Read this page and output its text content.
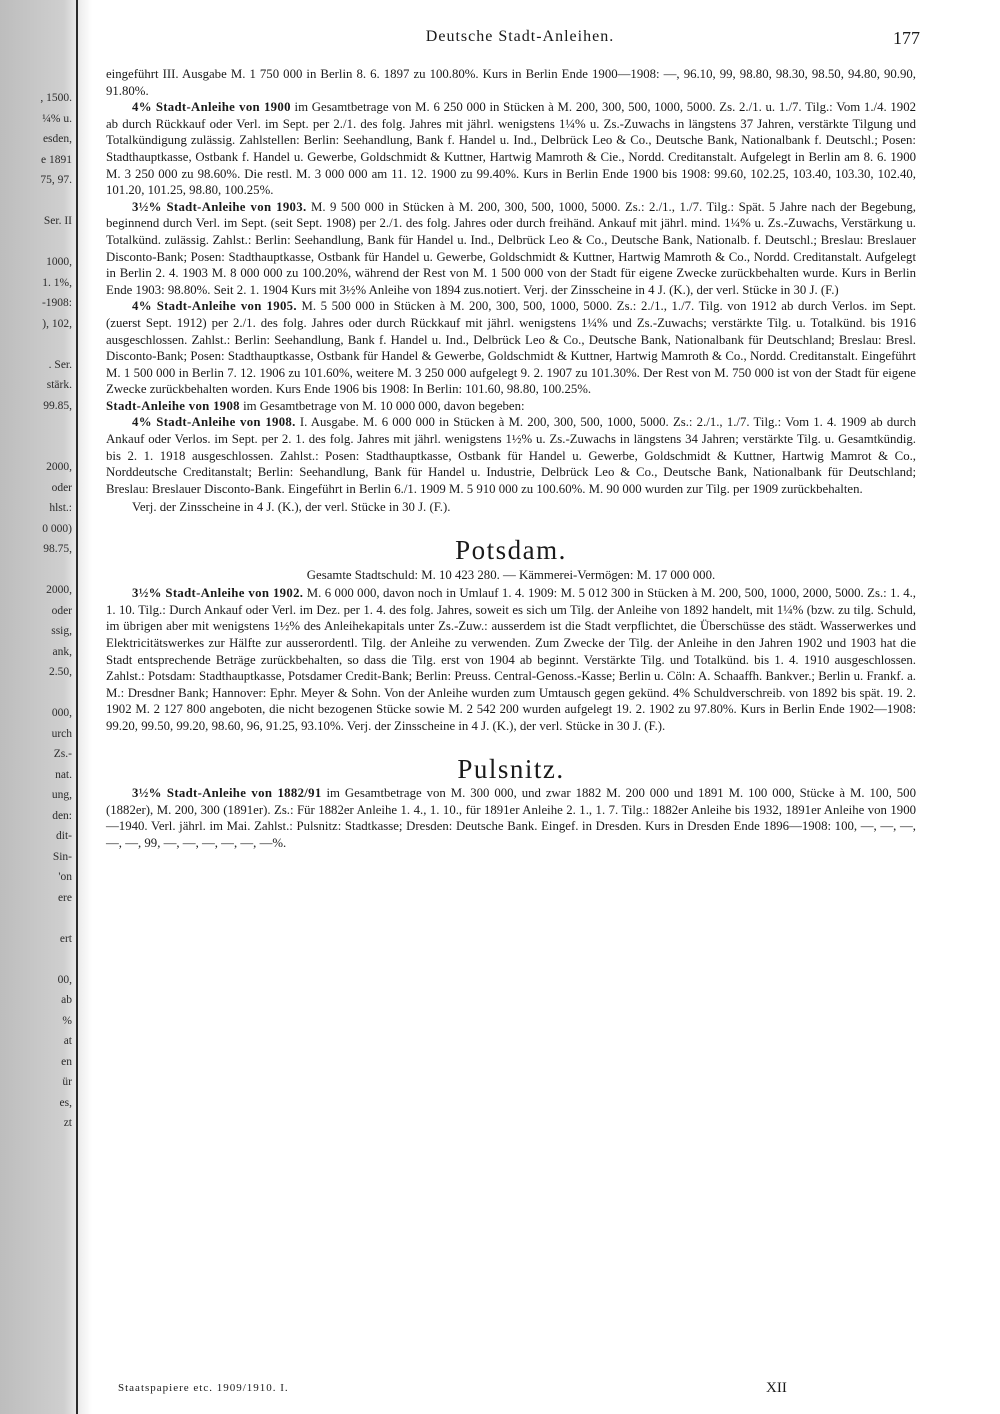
, 1500.
¼% u.
esden,
e 1891
75, 97.

Ser. II

1000,
1. 1%,
-1908:
), 102,

. Ser.
stärk.
99.85,

2000,
oder
hlst.:
0 000)
98.75,

2000,
oder
ssig,
ank,
2.50,

000,
urch
Zs.-
nat.
ung,
den:
dit-
Sin-
'on
ere

ert

00,
ab
%
at
en
ür
es,
zt
Deutsche Stadt-Anleihen.	177

eingeführt III. Ausgabe M. 1 750 000 in Berlin 8. 6. 1897 zu 100.80%. Kurs in Berlin Ende 1900—1908: —, 96.10, 99, 98.80, 98.30, 98.50, 94.80, 90.90, 91.80%.

4% Stadt-Anleihe von 1900 im Gesamtbetrage von M. 6 250 000 in Stücken à M. 200, 300, 500, 1000, 5000. Zs. 2./1. u. 1./7. Tilg.: Vom 1./4. 1902 ab durch Rückkauf oder Verl. im Sept. per 2./1. des folg. Jahres mit jährl. wenigstens 1¼% u. Zs.-Zuwachs in längstens 37 Jahren, verstärkte Tilgung und Totalkündigung zulässig. Zahlstellen: Berlin: Seehandlung, Bank f. Handel u. Ind., Delbrück Leo & Co., Deutsche Bank, Nationalbank f. Deutschl.; Posen: Stadthauptkasse, Ostbank f. Handel u. Gewerbe, Goldschmidt & Kuttner, Hartwig Mamroth & Cie., Nordd. Creditanstalt. Aufgelegt in Berlin am 8. 6. 1900 M. 3 250 000 zu 98.60%. Die restl. M. 3 000 000 am 11. 12. 1900 zu 99.40%. Kurs in Berlin Ende 1900 bis 1908: 99.60, 102.25, 103.40, 103.30, 102.40, 101.20, 101.25, 98.80, 100.25%.

3½% Stadt-Anleihe von 1903. M. 9 500 000 in Stücken à M. 200, 300, 500, 1000, 5000. Zs.: 2./1., 1./7. Tilg.: Spät. 5 Jahre nach der Begebung, beginnend durch Verl. im Sept. (seit Sept. 1908) per 2./1. des folg. Jahres oder durch freihänd. Ankauf mit jährl. mind. 1¼% u. Zs.-Zuwachs, Verstärkung u. Totalkünd. zulässig. Zahlst.: Berlin: Seehandlung, Bank für Handel u. Ind., Delbrück Leo & Co., Deutsche Bank, Nationalb. f. Deutschl.; Breslau: Breslauer Disconto-Bank; Posen: Stadthauptkasse, Ostbank für Handel u. Gewerbe, Goldschmidt & Kuttner, Hartwig Mamroth & Co., Nordd. Creditanstalt. Aufgelegt in Berlin 2. 4. 1903 M. 8 000 000 zu 100.20%, während der Rest von M. 1 500 000 von der Stadt für eigene Zwecke zurückbehalten wurde. Kurs in Berlin Ende 1903: 98.80%. Seit 2. 1. 1904 Kurs mit 3½% Anleihe von 1894 zus.notiert. Verj. der Zinsscheine in 4 J. (K.), der verl. Stücke in 30 J. (F.)

4% Stadt-Anleihe von 1905. M. 5 500 000 in Stücken à M. 200, 300, 500, 1000, 5000. Zs.: 2./1., 1./7. Tilg. von 1912 ab durch Verlos. im Sept. (zuerst Sept. 1912) per 2./1. des folg. Jahres oder durch Rückkauf mit jährl. wenigstens 1¼% und Zs.-Zuwachs; verstärkte Tilg. u. Totalkünd. bis 1916 ausgeschlossen. Zahlst.: Berlin: Seehandlung, Bank f. Handel u. Ind., Delbrück Leo & Co., Deutsche Bank, Nationalbank für Deutschland; Breslau: Bresl. Disconto-Bank; Posen: Stadthauptkasse, Ostbank für Handel & Gewerbe, Goldschmidt & Kuttner, Hartwig Mamroth & Co., Nordd. Creditanstalt. Eingeführt M. 1 500 000 in Berlin 7. 12. 1906 zu 101.60%, weitere M. 3 250 000 aufgelegt 9. 2. 1907 zu 101.30%. Der Rest von M. 750 000 ist von der Stadt für eigene Zwecke zurückbehalten worden. Kurs Ende 1906 bis 1908: In Berlin: 101.60, 98.80, 100.25%.

Stadt-Anleihe von 1908 im Gesamtbetrage von M. 10 000 000, davon begeben:

4% Stadt-Anleihe von 1908. I. Ausgabe. M. 6 000 000 in Stücken à M. 200, 300, 500, 1000, 5000. Zs.: 2./1., 1./7. Tilg.: Vom 1. 4. 1909 ab durch Ankauf oder Verlos. im Sept. per 2. 1. des folg. Jahres mit jährl. wenigstens 1½% u. Zs.-Zuwachs in längstens 34 Jahren; verstärkte Tilg. u. Gesamtkündig. bis 2. 1. 1918 ausgeschlossen. Zahlst.: Posen: Stadthauptkasse, Ostbank für Handel u. Gewerbe, Goldschmidt & Kuttner, Hartwig Mamrot & Co., Norddeutsche Creditanstalt; Berlin: Seehandlung, Bank für Handel u. Industrie, Delbrück Leo & Co., Deutsche Bank, Nationalbank für Deutschland; Breslau: Breslauer Disconto-Bank. Eingeführt in Berlin 6./1. 1909 M. 5 910 000 zu 100.60%. M. 90 000 wurden zur Tilg. per 1909 zurückbehalten.

Verj. der Zinsscheine in 4 J. (K.), der verl. Stücke in 30 J. (F.).

Potsdam.
Gesamte Stadtschuld: M. 10 423 280. — Kämmerei-Vermögen: M. 17 000 000.

3½% Stadt-Anleihe von 1902. M. 6 000 000, davon noch in Umlauf 1. 4. 1909: M. 5 012 300 in Stücken à M. 200, 500, 1000, 2000, 5000. Zs.: 1. 4., 1. 10. Tilg.: Durch Ankauf oder Verl. im Dez. per 1. 4. des folg. Jahres, soweit es sich um Tilg. der Anleihe von 1892 handelt, mit 1¼% (bzw. zu tilg. Schuld, im übrigen aber mit wenigstens 1½% des Anleihekapitals unter Zs.-Zuw.: ausserdem ist die Stadt verpflichtet, die Überschüsse des städt. Wasserwerkes und Elektricitätswerkes zur Hälfte zur ausserordentl. Tilg. der Anleihe zu verwenden. Zum Zwecke der Tilg. der Anleihe in den Jahren 1902 und 1903 hat die Stadt entsprechende Beträge zurückbehalten, so dass die Tilg. erst von 1904 ab beginnt. Verstärkte Tilg. und Totalkünd. bis 1. 4. 1910 ausgeschlossen. Zahlst.: Potsdam: Stadthauptkasse, Potsdamer Credit-Bank; Berlin: Preuss. Central-Genoss.-Kasse; Berlin u. Cöln: A. Schaaffh. Bankver.; Berlin u. Frankf. a. M.: Dresdner Bank; Hannover: Ephr. Meyer & Sohn. Von der Anleihe wurden zum Umtausch gegen gekünd. 4% Schuldverschreib. von 1892 bis spät. 19. 2. 1902 M. 2 127 800 angeboten, die nicht bezogenen Stücke sowie M. 2 542 200 wurden aufgelegt 19. 2. 1902 zu 97.80%. Kurs in Berlin Ende 1902—1908: 99.20, 99.50, 99.20, 98.60, 96, 91.25, 93.10%. Verj. der Zinsscheine in 4 J. (K.), der verl. Stücke in 30 J. (F.).

Pulsnitz.

3½% Stadt-Anleihe von 1882/91 im Gesamtbetrage von M. 300 000, und zwar 1882 M. 200 000 und 1891 M. 100 000, Stücke à M. 100, 500 (1882er), M. 200, 300 (1891er). Zs.: Für 1882er Anleihe 1. 4., 1. 10., für 1891er Anleihe 2. 1., 1. 7. Tilg.: 1882er Anleihe bis 1932, 1891er Anleihe von 1900—1940. Verl. jährl. im Mai. Zahlst.: Pulsnitz: Stadtkasse; Dresden: Deutsche Bank. Eingef. in Dresden. Kurs in Dresden Ende 1896—1908: 100, —, —, —, —, —, 99, —, —, —, —, —, —%.

Staatspapiere etc. 1909/1910. I.	XII
